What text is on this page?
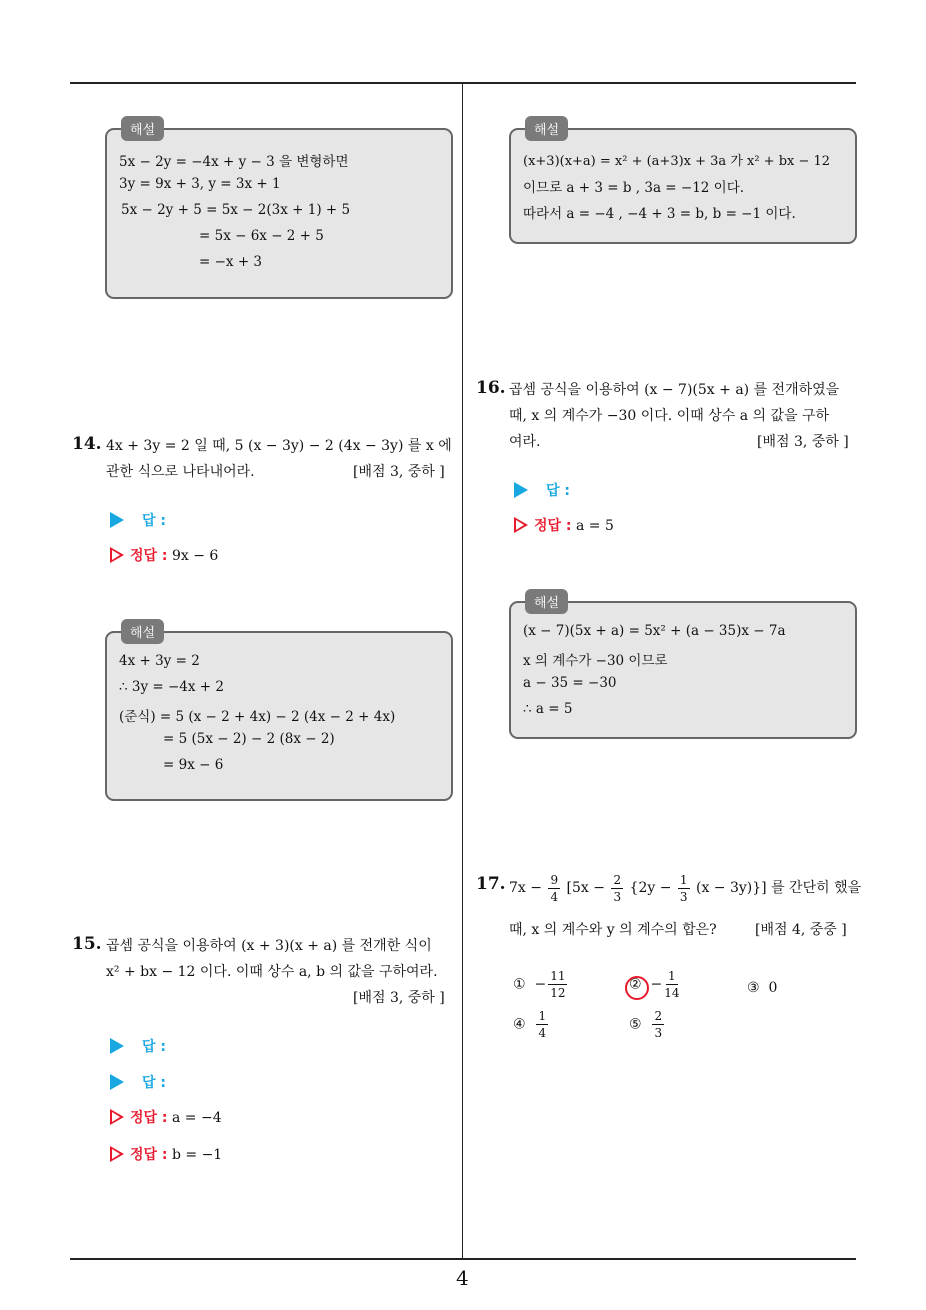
해설
5x − 2y = −4x + y − 3 을 변형하면
3y = 9x + 3, y = 3x + 1
5x − 2y + 5 = 5x − 2(3x + 1) + 5
= 5x − 6x − 2 + 5
= −x + 3
14. 4x + 3y = 2 일 때, 5 (x − 3y) − 2 (4x − 3y) 를 x 에
관한 식으로 나타내어라.	[배점 3, 중하 ]
답 :
정답 : 9x − 6
해설
4x + 3y = 2
∴ 3y = −4x + 2
(준식) = 5 (x − 2 + 4x) − 2 (4x − 2 + 4x)
= 5 (5x − 2) − 2 (8x − 2)
= 9x − 6
15. 곱셈 공식을 이용하여 (x + 3)(x + a) 를 전개한 식이
x² + bx − 12 이다. 이때 상수 a, b 의 값을 구하여라.
[배점 3, 중하 ]
답 :
답 :
정답 : a = −4
정답 : b = −1
해설
(x+3)(x+a) = x² + (a+3)x + 3a 가 x² + bx − 12
이므로 a + 3 = b , 3a = −12 이다.
따라서 a = −4 , −4 + 3 = b, b = −1 이다.
16. 곱셈 공식을 이용하여 (x − 7)(5x + a) 를 전개하였을
때, x 의 계수가 −30 이다. 이때 상수 a 의 값을 구하
여라.	[배점 3, 중하 ]
답 :
정답 : a = 5
해설
(x − 7)(5x + a) = 5x² + (a − 35)x − 7a
x 의 계수가 −30 이므로
a − 35 = −30
∴ a = 5
17. $7x - \frac{9}{4} [5x - \frac{2}{3} \{2y - \frac{1}{3} (x - 3y)\}]$ 를 간단히 했을
때, x 의 계수와 y 의 계수의 합은?	[배점 4, 중중 ]
① − $\frac{11}{12}$	② − $\frac{1}{14}$	③ 0
④ $\frac{1}{4}$	⑤ $\frac{2}{3}$
4
